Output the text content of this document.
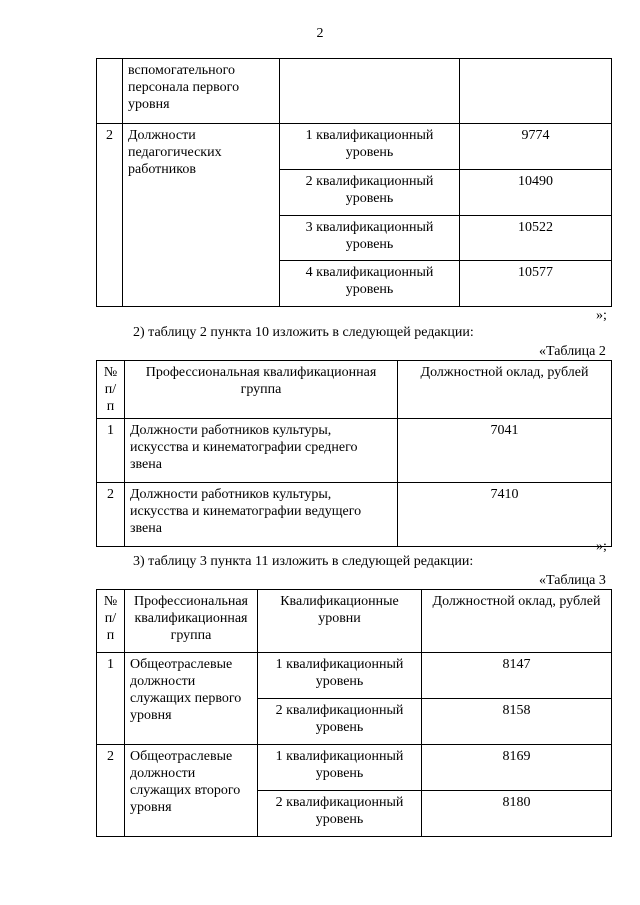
2
	вспомогательного персонала первого уровня		
2	Должности педагогических работников	1 квалификационный уровень	9774
		2 квалификационный уровень	10490
		3 квалификационный уровень	10522
		4 квалификационный уровень	10577
»;
2) таблицу 2 пункта 10 изложить в следующей редакции:
«Таблица 2
№ п/п	Профессиональная квалификационная группа	Должностной оклад, рублей
1	Должности работников культуры, искусства и кинематографии среднего звена	7041
2	Должности работников культуры, искусства и кинематографии ведущего звена	7410
»;
3) таблицу 3 пункта 11 изложить в следующей редакции:
«Таблица 3
№ п/п	Профессиональная квалификационная группа	Квалификационные уровни	Должностной оклад, рублей
1	Общеотраслевые должности служащих первого уровня	1 квалификационный уровень	8147
		2 квалификационный уровень	8158
2	Общеотраслевые должности служащих второго уровня	1 квалификационный уровень	8169
		2 квалификационный уровень	8180
